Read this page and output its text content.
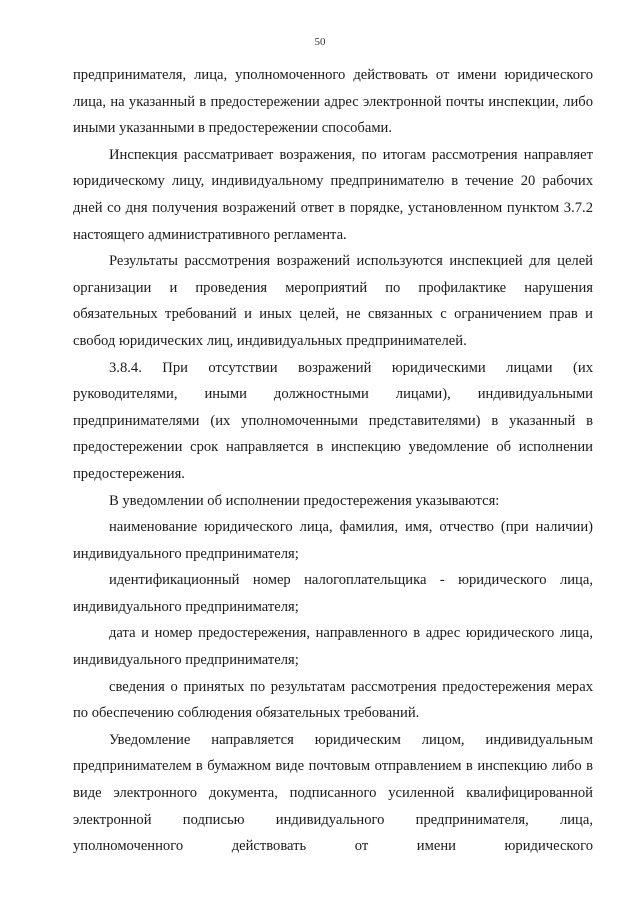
50

предпринимателя, лица, уполномоченного действовать от имени юридического лица, на указанный в предостережении адрес электронной почты инспекции, либо иными указанными в предостережении способами.

Инспекция рассматривает возражения, по итогам рассмотрения направляет юридическому лицу, индивидуальному предпринимателю в течение 20 рабочих дней со дня получения возражений ответ в порядке, установленном пунктом 3.7.2 настоящего административного регламента.

Результаты рассмотрения возражений используются инспекцией для целей организации и проведения мероприятий по профилактике нарушения обязательных требований и иных целей, не связанных с ограничением прав и свобод юридических лиц, индивидуальных предпринимателей.

3.8.4. При отсутствии возражений юридическими лицами (их руководителями, иными должностными лицами), индивидуальными предпринимателями (их уполномоченными представителями) в указанный в предостережении срок направляется в инспекцию уведомление об исполнении предостережения.

В уведомлении об исполнении предостережения указываются:

наименование юридического лица, фамилия, имя, отчество (при наличии) индивидуального предпринимателя;

идентификационный номер налогоплательщика - юридического лица, индивидуального предпринимателя;

дата и номер предостережения, направленного в адрес юридического лица, индивидуального предпринимателя;

сведения о принятых по результатам рассмотрения предостережения мерах по обеспечению соблюдения обязательных требований.

Уведомление направляется юридическим лицом, индивидуальным предпринимателем в бумажном виде почтовым отправлением в инспекцию либо в виде электронного документа, подписанного усиленной квалифицированной электронной подписью индивидуального предпринимателя, лица, уполномоченного действовать от имени юридического
